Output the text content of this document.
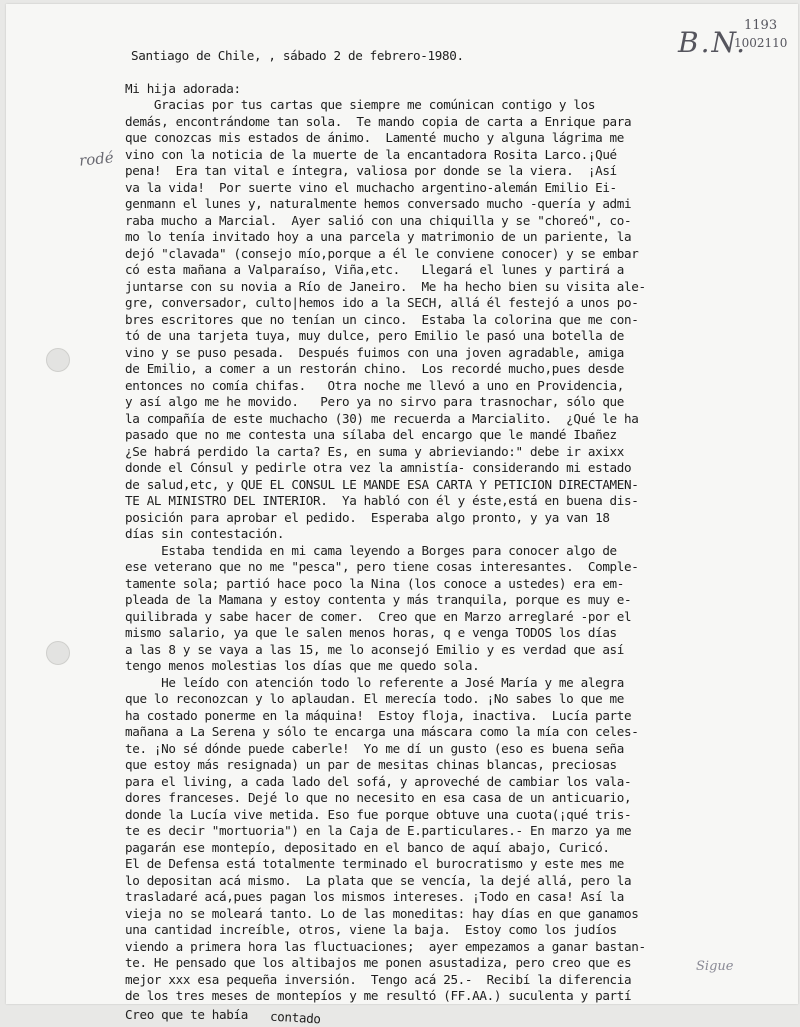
1193
1002110
B.N.
rodé
Santiago de Chile, , sábado 2 de febrero-1980.
Mi hija adorada:
Gracias por tus cartas que siempre me comúnican contigo y los
demás, encontrándome tan sola.  Te mando copia de carta a Enrique para
que conozcas mis estados de ánimo.  Lamenté mucho y alguna lágrima me
vino con la noticia de la muerte de la encantadora Rosita Larco.¡Qué
pena!  Era tan vital e íntegra, valiosa por donde se la viera.  ¡Así
va la vida!  Por suerte vino el muchacho argentino-alemán Emilio Ei-
genmann el lunes y, naturalmente hemos conversado mucho -quería y admi
raba mucho a Marcial.  Ayer salió con una chiquilla y se "choreó", co-
mo lo tenía invitado hoy a una parcela y matrimonio de un pariente, la
dejó "clavada" (consejo mío,porque a él le conviene conocer) y se embar
có esta mañana a Valparaíso, Viña,etc.   Llegará el lunes y partirá a
juntarse con su novia a Río de Janeiro.  Me ha hecho bien su visita ale-
gre, conversador, culto|hemos ido a la SECH, allá él festejó a unos po-
bres escritores que no tenían un cinco.  Estaba la colorina que me con-
tó de una tarjeta tuya, muy dulce, pero Emilio le pasó una botella de
vino y se puso pesada.  Después fuimos con una joven agradable, amiga
de Emilio, a comer a un restorán chino.  Los recordé mucho,pues desde
entonces no comía chifas.   Otra noche me llevó a uno en Providencia,
y así algo me he movido.   Pero ya no sirvo para trasnochar, sólo que
la compañía de este muchacho (30) me recuerda a Marcialito.  ¿Qué le ha
pasado que no me contesta una sílaba del encargo que le mandé Ibañez
¿Se habrá perdido la carta? Es, en suma y abrieviando:" debe ir axixx
donde el Cónsul y pedirle otra vez la amnistía- considerando mi estado
de salud,etc, y QUE EL CONSUL LE MANDE ESA CARTA Y PETICION DIRECTAMEN-
TE AL MINISTRO DEL INTERIOR.  Ya habló con él y éste,está en buena dis-
posición para aprobar el pedido.  Esperaba algo pronto, y ya van 18
días sin contestación.
Estaba tendida en mi cama leyendo a Borges para conocer algo de
ese veterano que no me "pesca", pero tiene cosas interesantes.  Comple-
tamente sola; partió hace poco la Nina (los conoce a ustedes) era em-
pleada de la Mamana y estoy contenta y más tranquila, porque es muy e-
quilibrada y sabe hacer de comer.  Creo que en Marzo arreglaré -por el
mismo salario, ya que le salen menos horas, q e venga TODOS los días
a las 8 y se vaya a las 15, me lo aconsejó Emilio y es verdad que así
tengo menos molestias los días que me quedo sola.
He leído con atención todo lo referente a José María y me alegra
que lo reconozcan y lo aplaudan. El merecía todo. ¡No sabes lo que me
ha costado ponerme en la máquina!  Estoy floja, inactiva.  Lucía parte
mañana a La Serena y sólo te encarga una máscara como la mía con celes-
te. ¡No sé dónde puede caberle!  Yo me dí un gusto (eso es buena seña
que estoy más resignada) un par de mesitas chinas blancas, preciosas
para el living, a cada lado del sofá, y aproveché de cambiar los vala-
dores franceses. Dejé lo que no necesito en esa casa de un anticuario,
donde la Lucía vive metida. Eso fue porque obtuve una cuota(¡qué tris-
te es decir "mortuoria") en la Caja de E.particulares.- En marzo ya me
pagarán ese montepío, depositado en el banco de aquí abajo, Curicó.
El de Defensa está totalmente terminado el burocratismo y este mes me
lo depositan acá mismo.  La plata que se vencía, la dejé allá, pero la
trasladaré acá,pues pagan los mismos intereses. ¡Todo en casa! Así la
vieja no se moleará tanto. Lo de las moneditas: hay días en que ganamos
una cantidad increíble, otros, viene la baja.  Estoy como los judíos
viendo a primera hora las fluctuaciones;  ayer empezamos a ganar bastan-
te. He pensado que los altibajos me ponen asustadiza, pero creo que es
mejor xxx esa pequeña inversión.  Tengo acá 25.-  Recibí la diferencia
de los tres meses de montepíos y me resultó (FF.AA.) suculenta y partí
Creo que te había contado
Sigue
